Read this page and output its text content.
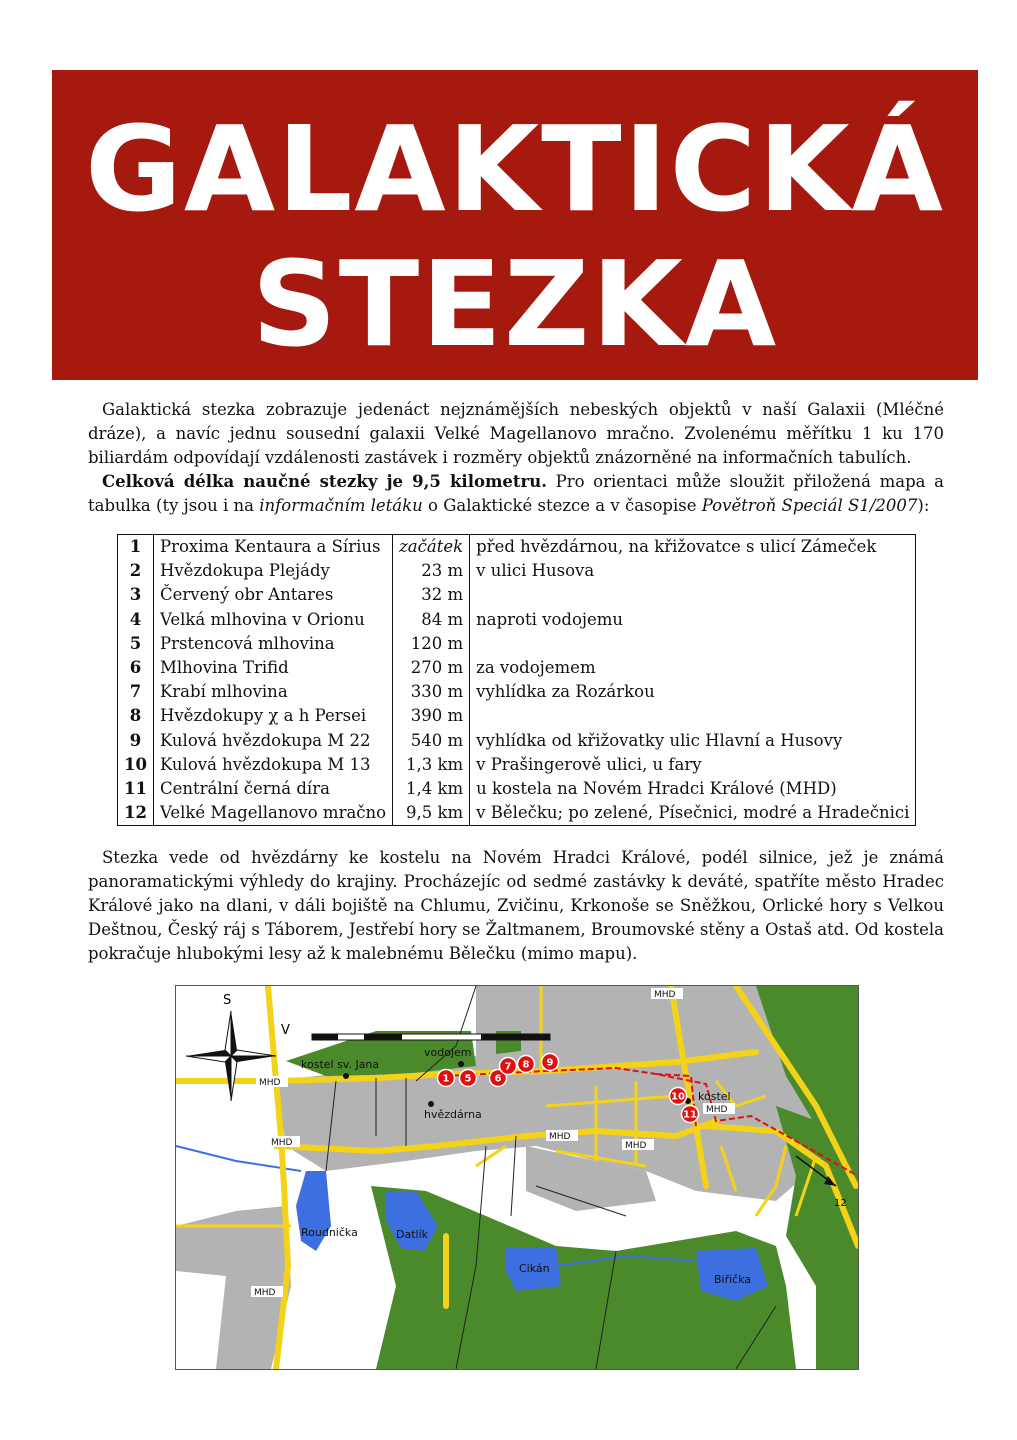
GALAKTICKÁ
STEZKA
Galaktická stezka zobrazuje jedenáct nejznámějších nebeských objektů v naší Galaxii (Mléčné dráze), a navíc jednu sousední galaxii Velké Magellanovo mračno. Zvolenému měřítku 1 ku 170 biliardám odpovídají vzdálenosti zastávek i rozměry objektů znázorněné na informačních tabulích.
Celková délka naučné stezky je 9,5 kilometru. Pro orientaci může sloužit přiložená mapa a tabulka (ty jsou i na informačním letáku o Galaktické stezce a v časopise Povětroň Speciál S1/2007):
1	Proxima Kentaura a Sírius	začátek	před hvězdárnou, na křižovatce s ulicí Zámeček
2	Hvězdokupa Plejády	23 m	v ulici Husova
3	Červený obr Antares	32 m	
4	Velká mlhovina v Orionu	84 m	naproti vodojemu
5	Prstencová mlhovina	120 m	
6	Mlhovina Trifid	270 m	za vodojemem
7	Krabí mlhovina	330 m	vyhlídka za Rozárkou
8	Hvězdokupy χ a h Persei	390 m	
9	Kulová hvězdokupa M 22	540 m	vyhlídka od křižovatky ulic Hlavní a Husovy
10	Kulová hvězdokupa M 13	1,3 km	v Prašingerově ulici, u fary
11	Centrální černá díra	1,4 km	u kostela na Novém Hradci Králové (MHD)
12	Velké Magellanovo mračno	9,5 km	v Bělečku; po zelené, Písečnici, modré a Hradečnici
Stezka vede od hvězdárny ke kostelu na Novém Hradci Králové, podél silnice, jež je známá panoramatickými výhledy do krajiny. Procházejíc od sedmé zastávky k deváté, spatříte město Hradec Králové jako na dlani, v dáli bojiště na Chlumu, Zvičinu, Krkonoše se Sněžkou, Orlické hory s Velkou Deštnou, Český ráj s Táborem, Jestřebí hory se Žaltmanem, Broumovské stěny a Ostaš atd. Od kostela pokračuje hlubokými lesy až k malebnému Bělečku (mimo mapu).
S
V
kostel sv. Jana
vodojem
hvězdárna
kostel
Roudnička	Datlík
Cikán
Biřička
12
MHD
MHD
MHD
MHD
MHD
MHD
MHD
1 5 6
7 8 9
10
11
